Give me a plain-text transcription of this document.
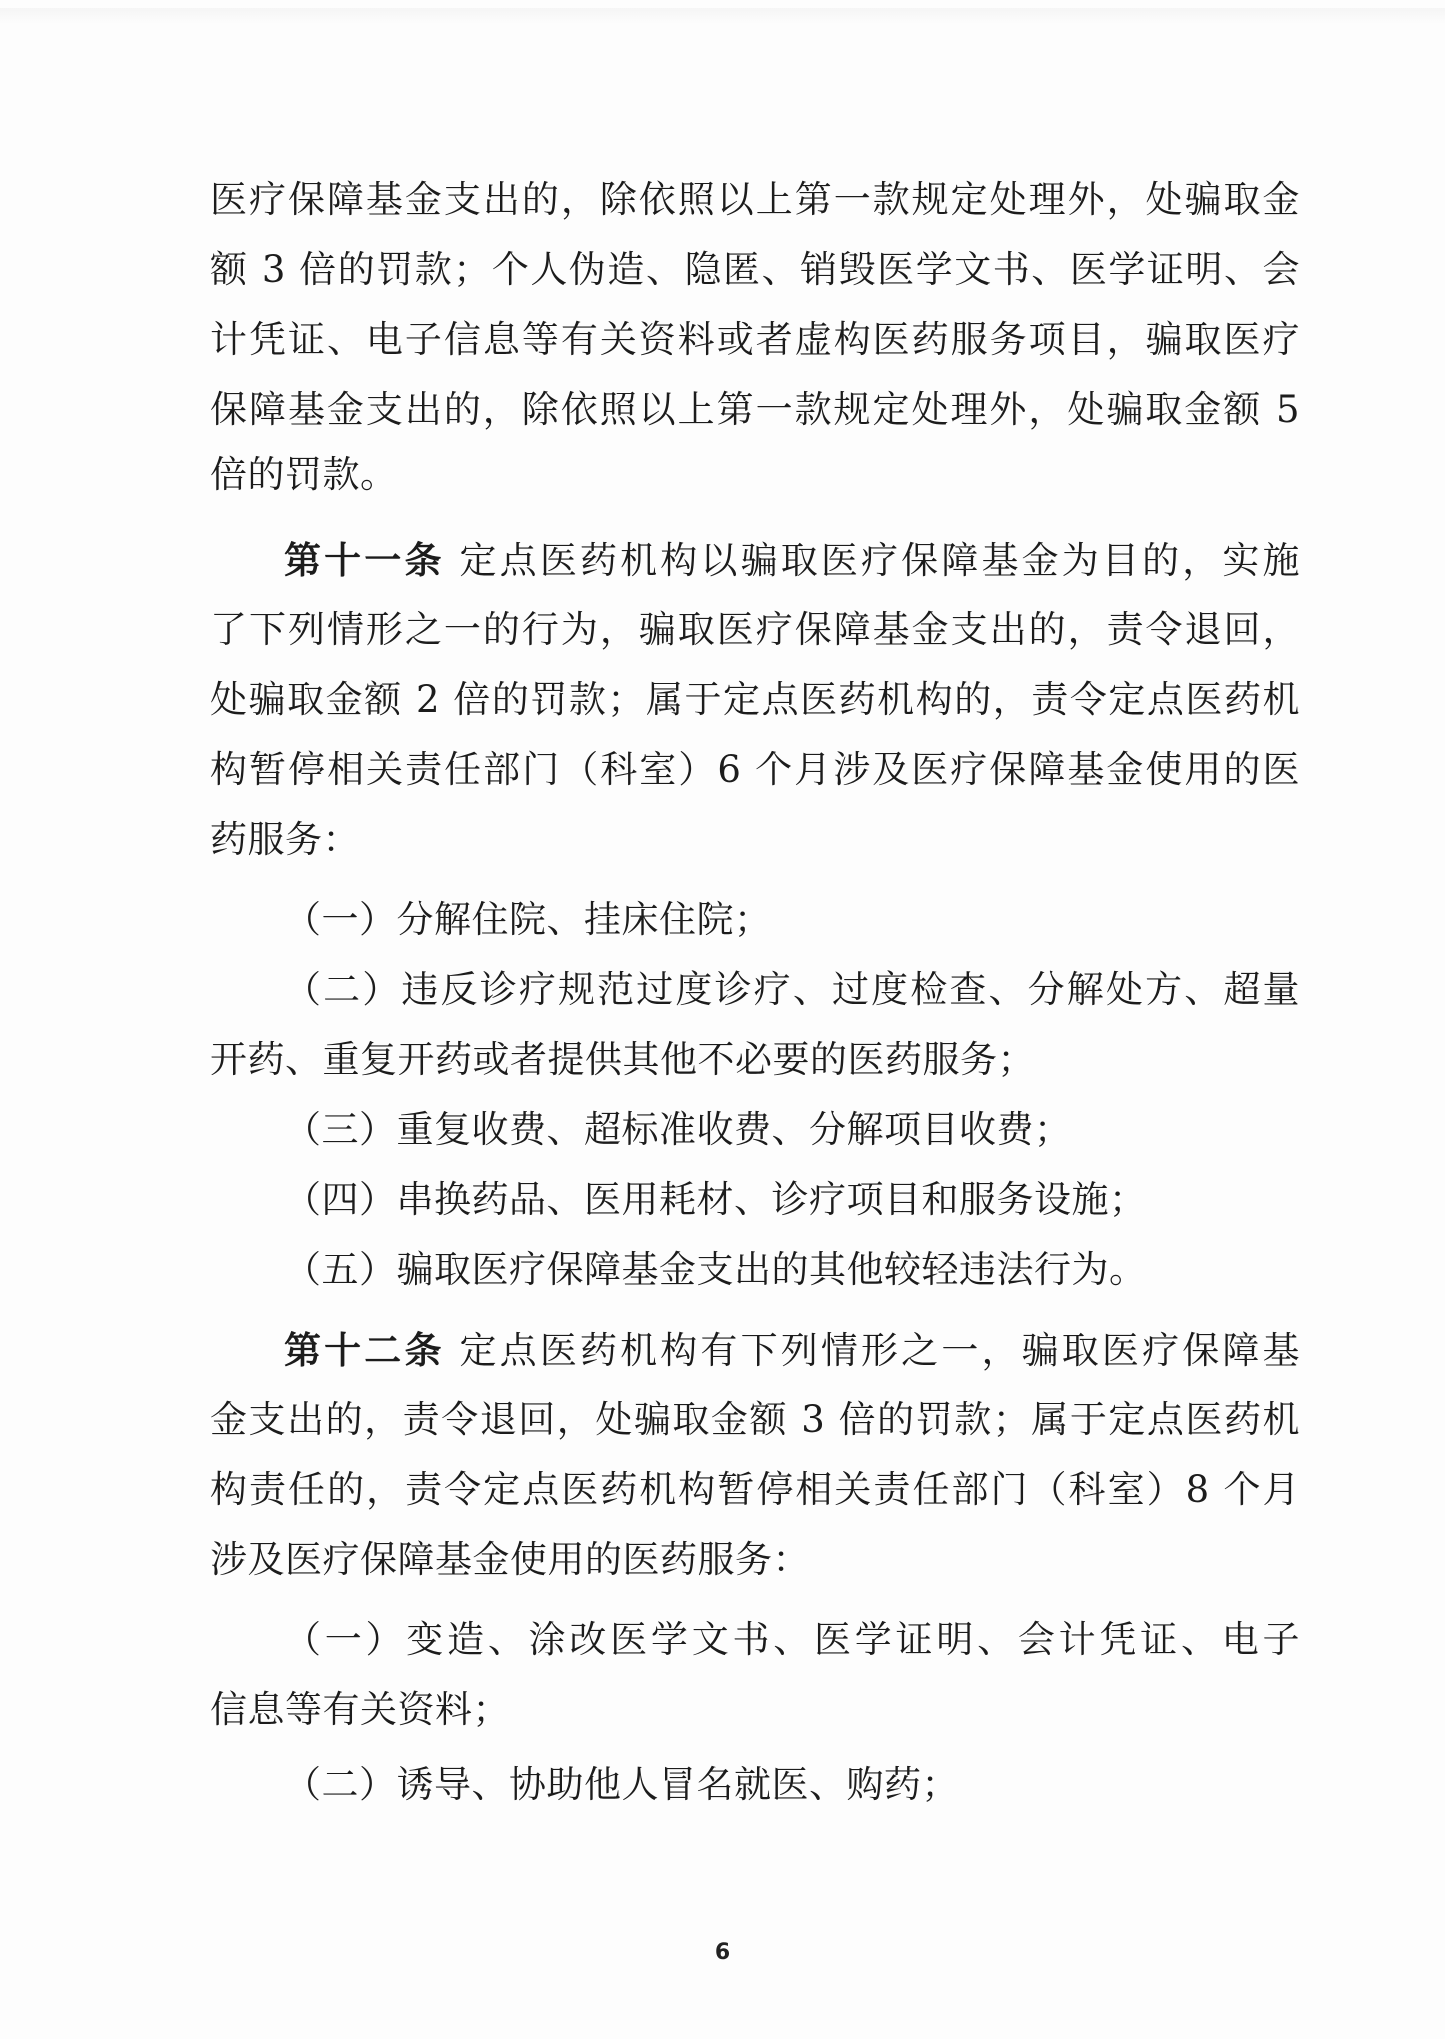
医疗保障基金支出的，除依照以上第一款规定处理外，处骗取金
额 3 倍的罚款；个人伪造、隐匿、销毁医学文书、医学证明、会
计凭证、电子信息等有关资料或者虚构医药服务项目，骗取医疗
保障基金支出的，除依照以上第一款规定处理外，处骗取金额 5
倍的罚款。
第十一条 定点医药机构以骗取医疗保障基金为目的，实施
了下列情形之一的行为，骗取医疗保障基金支出的，责令退回，
处骗取金额 2 倍的罚款；属于定点医药机构的，责令定点医药机
构暂停相关责任部门（科室）6 个月涉及医疗保障基金使用的医
药服务：
（一）分解住院、挂床住院；
（二）违反诊疗规范过度诊疗、过度检查、分解处方、超量
开药、重复开药或者提供其他不必要的医药服务；
（三）重复收费、超标准收费、分解项目收费；
（四）串换药品、医用耗材、诊疗项目和服务设施；
（五）骗取医疗保障基金支出的其他较轻违法行为。
第十二条 定点医药机构有下列情形之一，骗取医疗保障基
金支出的，责令退回，处骗取金额 3 倍的罚款；属于定点医药机
构责任的，责令定点医药机构暂停相关责任部门（科室）8 个月
涉及医疗保障基金使用的医药服务：
（一）变造、涂改医学文书、医学证明、会计凭证、电子
信息等有关资料；
（二）诱导、协助他人冒名就医、购药；
6
